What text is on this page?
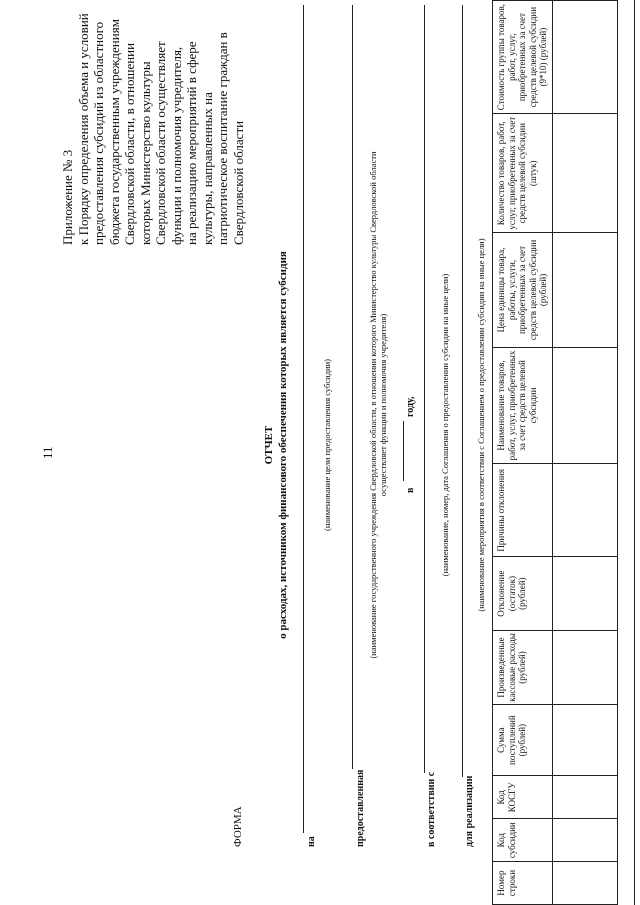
11
Приложение № 3 к Порядку определения объема и условий предоставления субсидий из областного бюджета государственным учреждениям Свердловской области, в отношении которых Министерство культуры Свердловской области осуществляет функции и полномочия учредителя, на реализацию мероприятий в сфере культуры, направленных на патриотическое воспитание граждан в Свердловской области
ФОРМА
ОТЧЕТ о расходах, источником финансового обеспечения которых является субсидия
на
(наименование цели предоставления субсидии)
предоставленная
(наименование государственного учреждения Свердловской области, в отношении которого Министерство культуры Свердловской области осуществляет функции и полномочия учредителя) в
году,
в соответствии с
(наименование, номер, дата Соглашения о предоставлении субсидии на иные цели)
для реализации
(наименование мероприятия в соответствии с Соглашением о предоставлении субсидии на иные цели)
Номер строки	Код субсидии	Код КОСГУ	Сумма поступлений (рублей)	Произведенные кассовые расходы (рублей)	Отклонение (остаток) (рублей)	Причины отклонения	Наименование товаров, работ, услуг, приобретенных за счет средств целевой субсидии	Цена единицы товара, работы, услуги, приобретенных за счет средств целевой субсидии (рублей)	Количество товаров, работ, услуг, приобретенных за счет средств целевой субсидии (штук)	Стоимость группы товаров, работ, услуг, приобретенных за счет средств целевой субсидии (9*10) (рублей)
